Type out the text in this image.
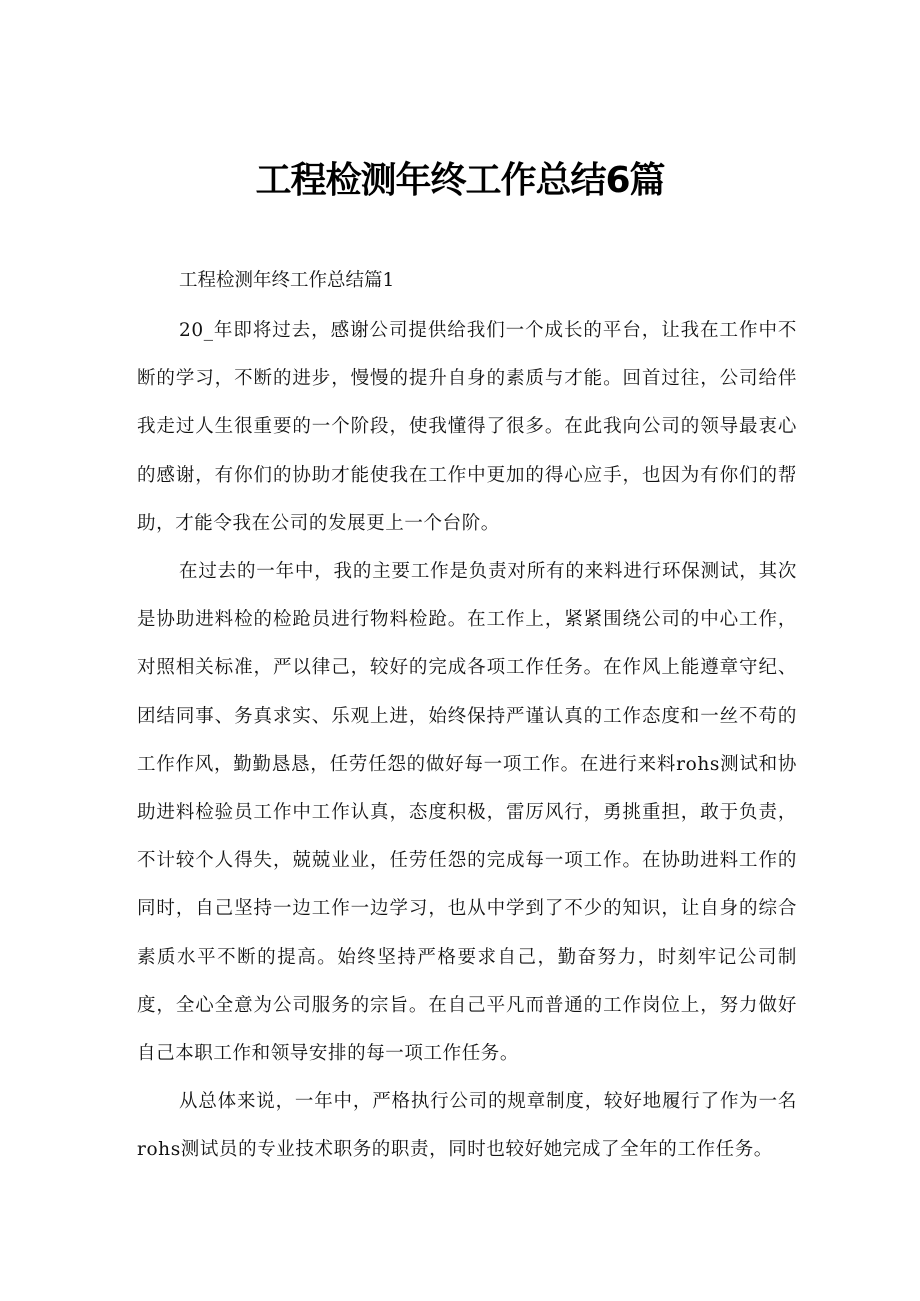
工程检测年终工作总结6篇

工程检测年终工作总结篇1

20_年即将过去，感谢公司提供给我们一个成长的平台，让我在工作中不断的学习，不断的进步，慢慢的提升自身的素质与才能。回首过往，公司给伴我走过人生很重要的一个阶段，使我懂得了很多。在此我向公司的领导最衷心的感谢，有你们的协助才能使我在工作中更加的得心应手，也因为有你们的帮助，才能令我在公司的发展更上一个台阶。

在过去的一年中，我的主要工作是负责对所有的来料进行环保测试，其次是协助进料检的检跄员进行物料检跄。在工作上，紧紧围绕公司的中心工作，对照相关标准，严以律己，较好的完成各项工作任务。在作风上能遵章守纪、团结同事、务真求实、乐观上进，始终保持严谨认真的工作态度和一丝不苟的工作作风，勤勤恳恳，任劳任怨的做好每一项工作。在进行来料rohs测试和协助进料检验员工作中工作认真，态度积极，雷厉风行，勇挑重担，敢于负责，不计较个人得失，兢兢业业，任劳任怨的完成每一项工作。在协助进料工作的同时，自己坚持一边工作一边学习，也从中学到了不少的知识，让自身的综合素质水平不断的提高。始终坚持严格要求自己，勤奋努力，时刻牢记公司制度，全心全意为公司服务的宗旨。在自己平凡而普通的工作岗位上，努力做好自己本职工作和领导安排的每一项工作任务。

从总体来说，一年中，严格执行公司的规章制度，较好地履行了作为一名rohs测试员的专业技术职务的职责，同时也较好她完成了全年的工作任务。
